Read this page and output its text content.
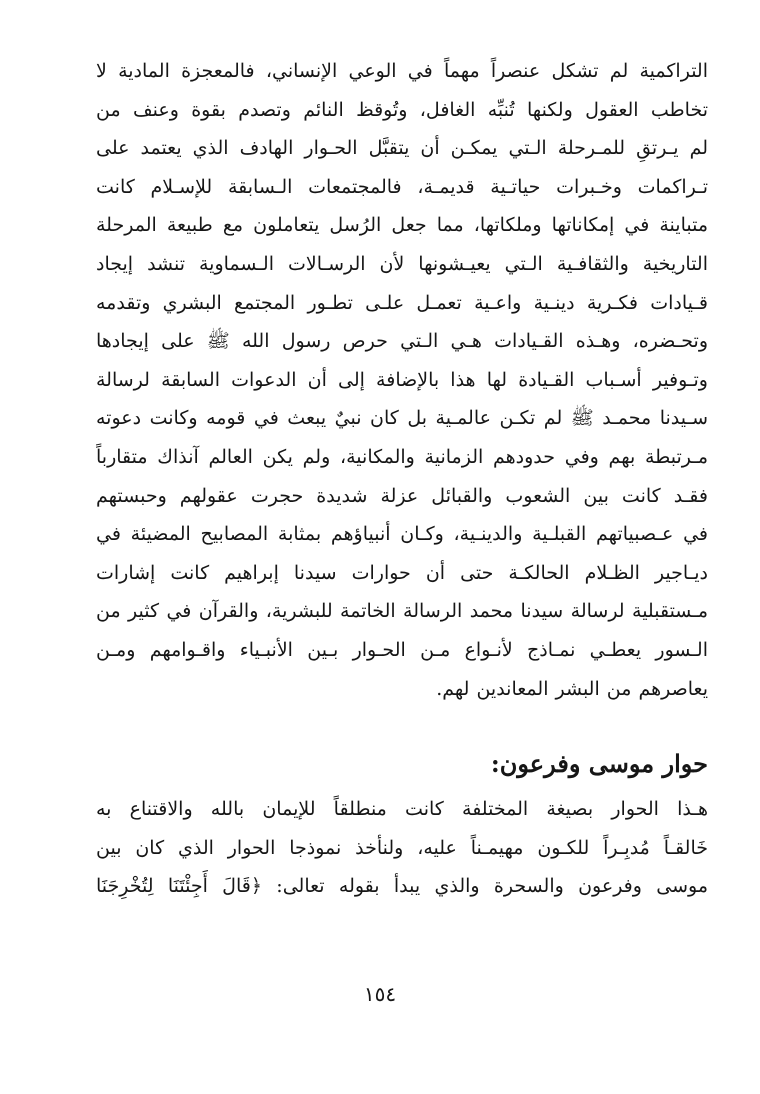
التراكمية لم تشكل عنصراً مهماً في الوعي الإنساني، فالمعجزة المادية لا
تخاطب العقول ولكنها تُنبِّه الغافل، وتُوقظ النائم وتصدم بقوة وعنف من
لم يـرتقِ للمـرحلة الـتي يمكـن أن يتقبَّل الحـوار الهادف الذي يعتمد على
تـراكمات وخـبرات حياتـية قديمـة، فالمجتمعات الـسابقة للإسـلام كانت
متباينة في إمكاناتها وملكاتها، مما جعل الرُسل يتعاملون مع طبيعة المرحلة
التاريخية والثقافـية الـتي يعيـشونها لأن الرسـالات الـسماوية تنشد إيجاد
قـيادات فكـرية دينـية واعـية تعمـل علـى تطـور المجتمع البشري وتقدمه
وتحـضره، وهـذه القـيادات هـي الـتي حرص رسول الله ﷺ على إيجادها
وتـوفير أسـباب القـيادة لها هذا بالإضافة إلى أن الدعوات السابقة لرسالة
سـيدنا محمـد ﷺ لم تكـن عالمـية بل كان نبيٌ يبعث في قومه وكانت دعوته
مـرتبطة بهم وفي حدودهم الزمانية والمكانية، ولم يكن العالم آنذاك متقارباً
فقـد كانت بين الشعوب والقبائل عزلة شديدة حجرت عقولهم وحبستهم
في عـصبياتهم القبلـية والدينـية، وكـان أنبياؤهم بمثابة المصابيح المضيئة في
ديـاجير الظـلام الحالكـة حتى أن حوارات سيدنا إبراهيم كانت إشارات
مـستقبلية لرسالة سيدنا محمد الرسالة الخاتمة للبشرية، والقرآن في كثير من
الـسور يعطـي نمـاذج لأنـواع مـن الحـوار بـين الأنبـياء واقـوامهم ومـن
يعاصرهم من البشر المعاندين لهم.
حوار موسى وفرعون:
هـذا الحوار بصيغة المختلفة كانت منطلقاً للإيمان بالله والاقتناع به
خَالقـاً مُدبِـراً للكـون مهيمـناً عليه، ولنأخذ نموذجا الحوار الذي كان بين
موسى وفرعون والسحرة والذي يبدأ بقوله تعالى: ﴿قَالَ أَجِئْتَنَا لِتُخْرِجَنَا
١٥٤
